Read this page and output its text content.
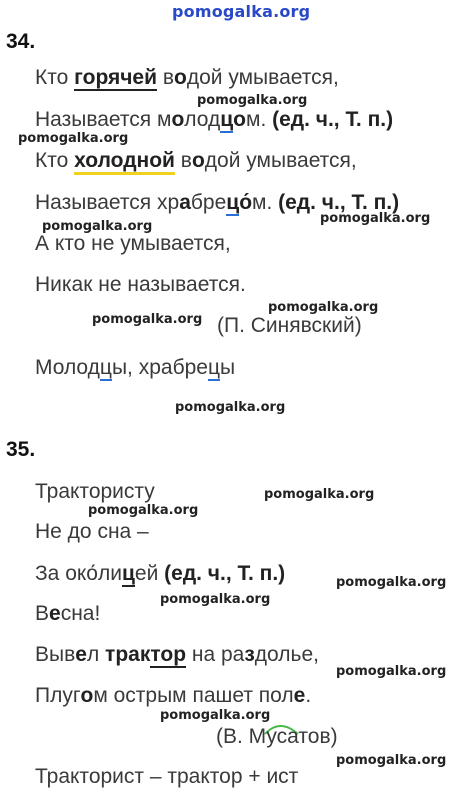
pomogalka.org
34.
Кто горячей водой умывается,
Называется молодцом. (ед. ч., Т. п.)
Кто холодной водой умывается,
Называется храбрецо́м. (ед. ч., Т. п.)
А кто не умывается,
Никак не называется.
(П. Синявский)
Молодцы, храбрецы
35.
Трактористу
Не до сна –
За око́лицей (ед. ч., Т. п.)
Весна!
Вывел трактор на раздолье,
Плугом острым пашет поле.
(В. Мусатов)
Тракторист – трактор + ист
pomogalka.org
pomogalka.org
pomogalka.org
pomogalka.org
pomogalka.org
pomogalka.org
pomogalka.org
pomogalka.org
pomogalka.org
pomogalka.org
pomogalka.org
pomogalka.org
pomogalka.org
pomogalka.org
